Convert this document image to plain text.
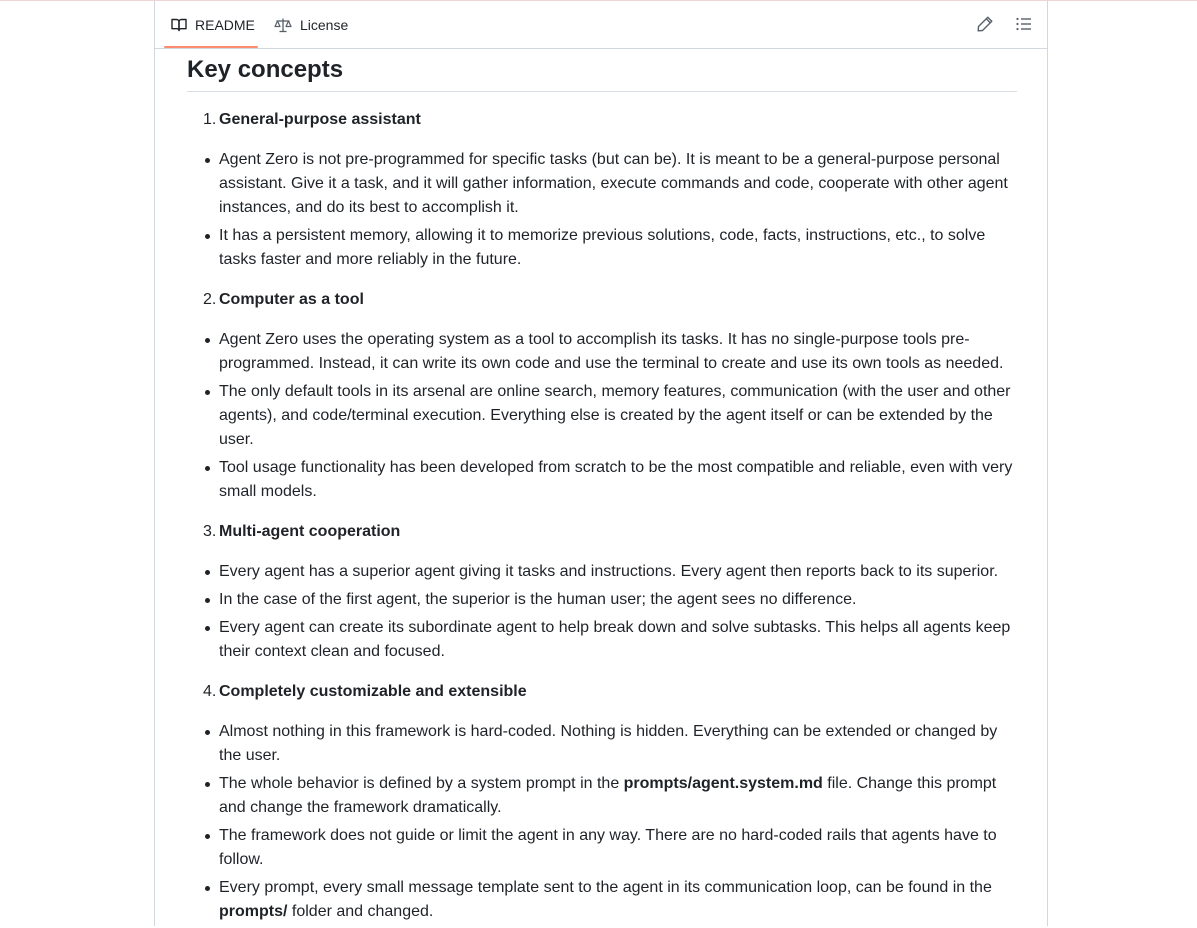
README	License
Key concepts
1. General-purpose assistant
Agent Zero is not pre-programmed for specific tasks (but can be). It is meant to be a general-purpose personal assistant. Give it a task, and it will gather information, execute commands and code, cooperate with other agent instances, and do its best to accomplish it.
It has a persistent memory, allowing it to memorize previous solutions, code, facts, instructions, etc., to solve tasks faster and more reliably in the future.
2. Computer as a tool
Agent Zero uses the operating system as a tool to accomplish its tasks. It has no single-purpose tools pre-programmed. Instead, it can write its own code and use the terminal to create and use its own tools as needed.
The only default tools in its arsenal are online search, memory features, communication (with the user and other agents), and code/terminal execution. Everything else is created by the agent itself or can be extended by the user.
Tool usage functionality has been developed from scratch to be the most compatible and reliable, even with very small models.
3. Multi-agent cooperation
Every agent has a superior agent giving it tasks and instructions. Every agent then reports back to its superior.
In the case of the first agent, the superior is the human user; the agent sees no difference.
Every agent can create its subordinate agent to help break down and solve subtasks. This helps all agents keep their context clean and focused.
4. Completely customizable and extensible
Almost nothing in this framework is hard-coded. Nothing is hidden. Everything can be extended or changed by the user.
The whole behavior is defined by a system prompt in the prompts/agent.system.md file. Change this prompt and change the framework dramatically.
The framework does not guide or limit the agent in any way. There are no hard-coded rails that agents have to follow.
Every prompt, every small message template sent to the agent in its communication loop, can be found in the prompts/ folder and changed.
